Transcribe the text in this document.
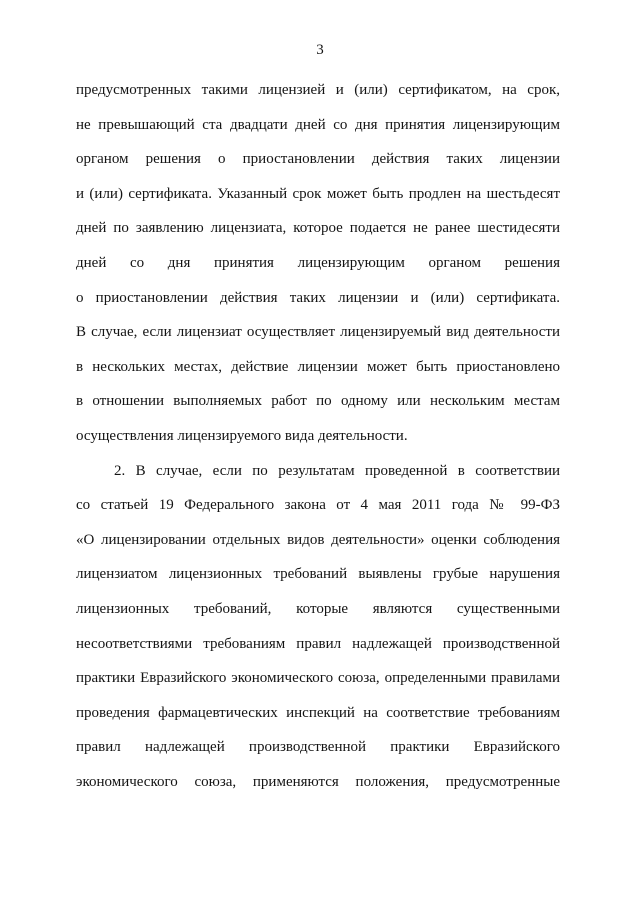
3
предусмотренных такими лицензией и (или) сертификатом, на срок,
не превышающий ста двадцати дней со дня принятия лицензирующим
органом решения о приостановлении действия таких лицензии
и (или) сертификата. Указанный срок может быть продлен на шестьдесят
дней по заявлению лицензиата, которое подается не ранее шестидесяти
дней со дня принятия лицензирующим органом решения
о приостановлении действия таких лицензии и (или) сертификата.
В случае, если лицензиат осуществляет лицензируемый вид деятельности
в нескольких местах, действие лицензии может быть приостановлено
в отношении выполняемых работ по одному или нескольким местам
осуществления лицензируемого вида деятельности.
2. В случае, если по результатам проведенной в соответствии
со статьей 19 Федерального закона от 4 мая 2011 года № 99-ФЗ
«О лицензировании отдельных видов деятельности» оценки соблюдения
лицензиатом лицензионных требований выявлены грубые нарушения
лицензионных требований, которые являются существенными
несоответствиями требованиям правил надлежащей производственной
практики Евразийского экономического союза, определенными правилами
проведения фармацевтических инспекций на соответствие требованиям
правил надлежащей производственной практики Евразийского
экономического союза, применяются положения, предусмотренные
